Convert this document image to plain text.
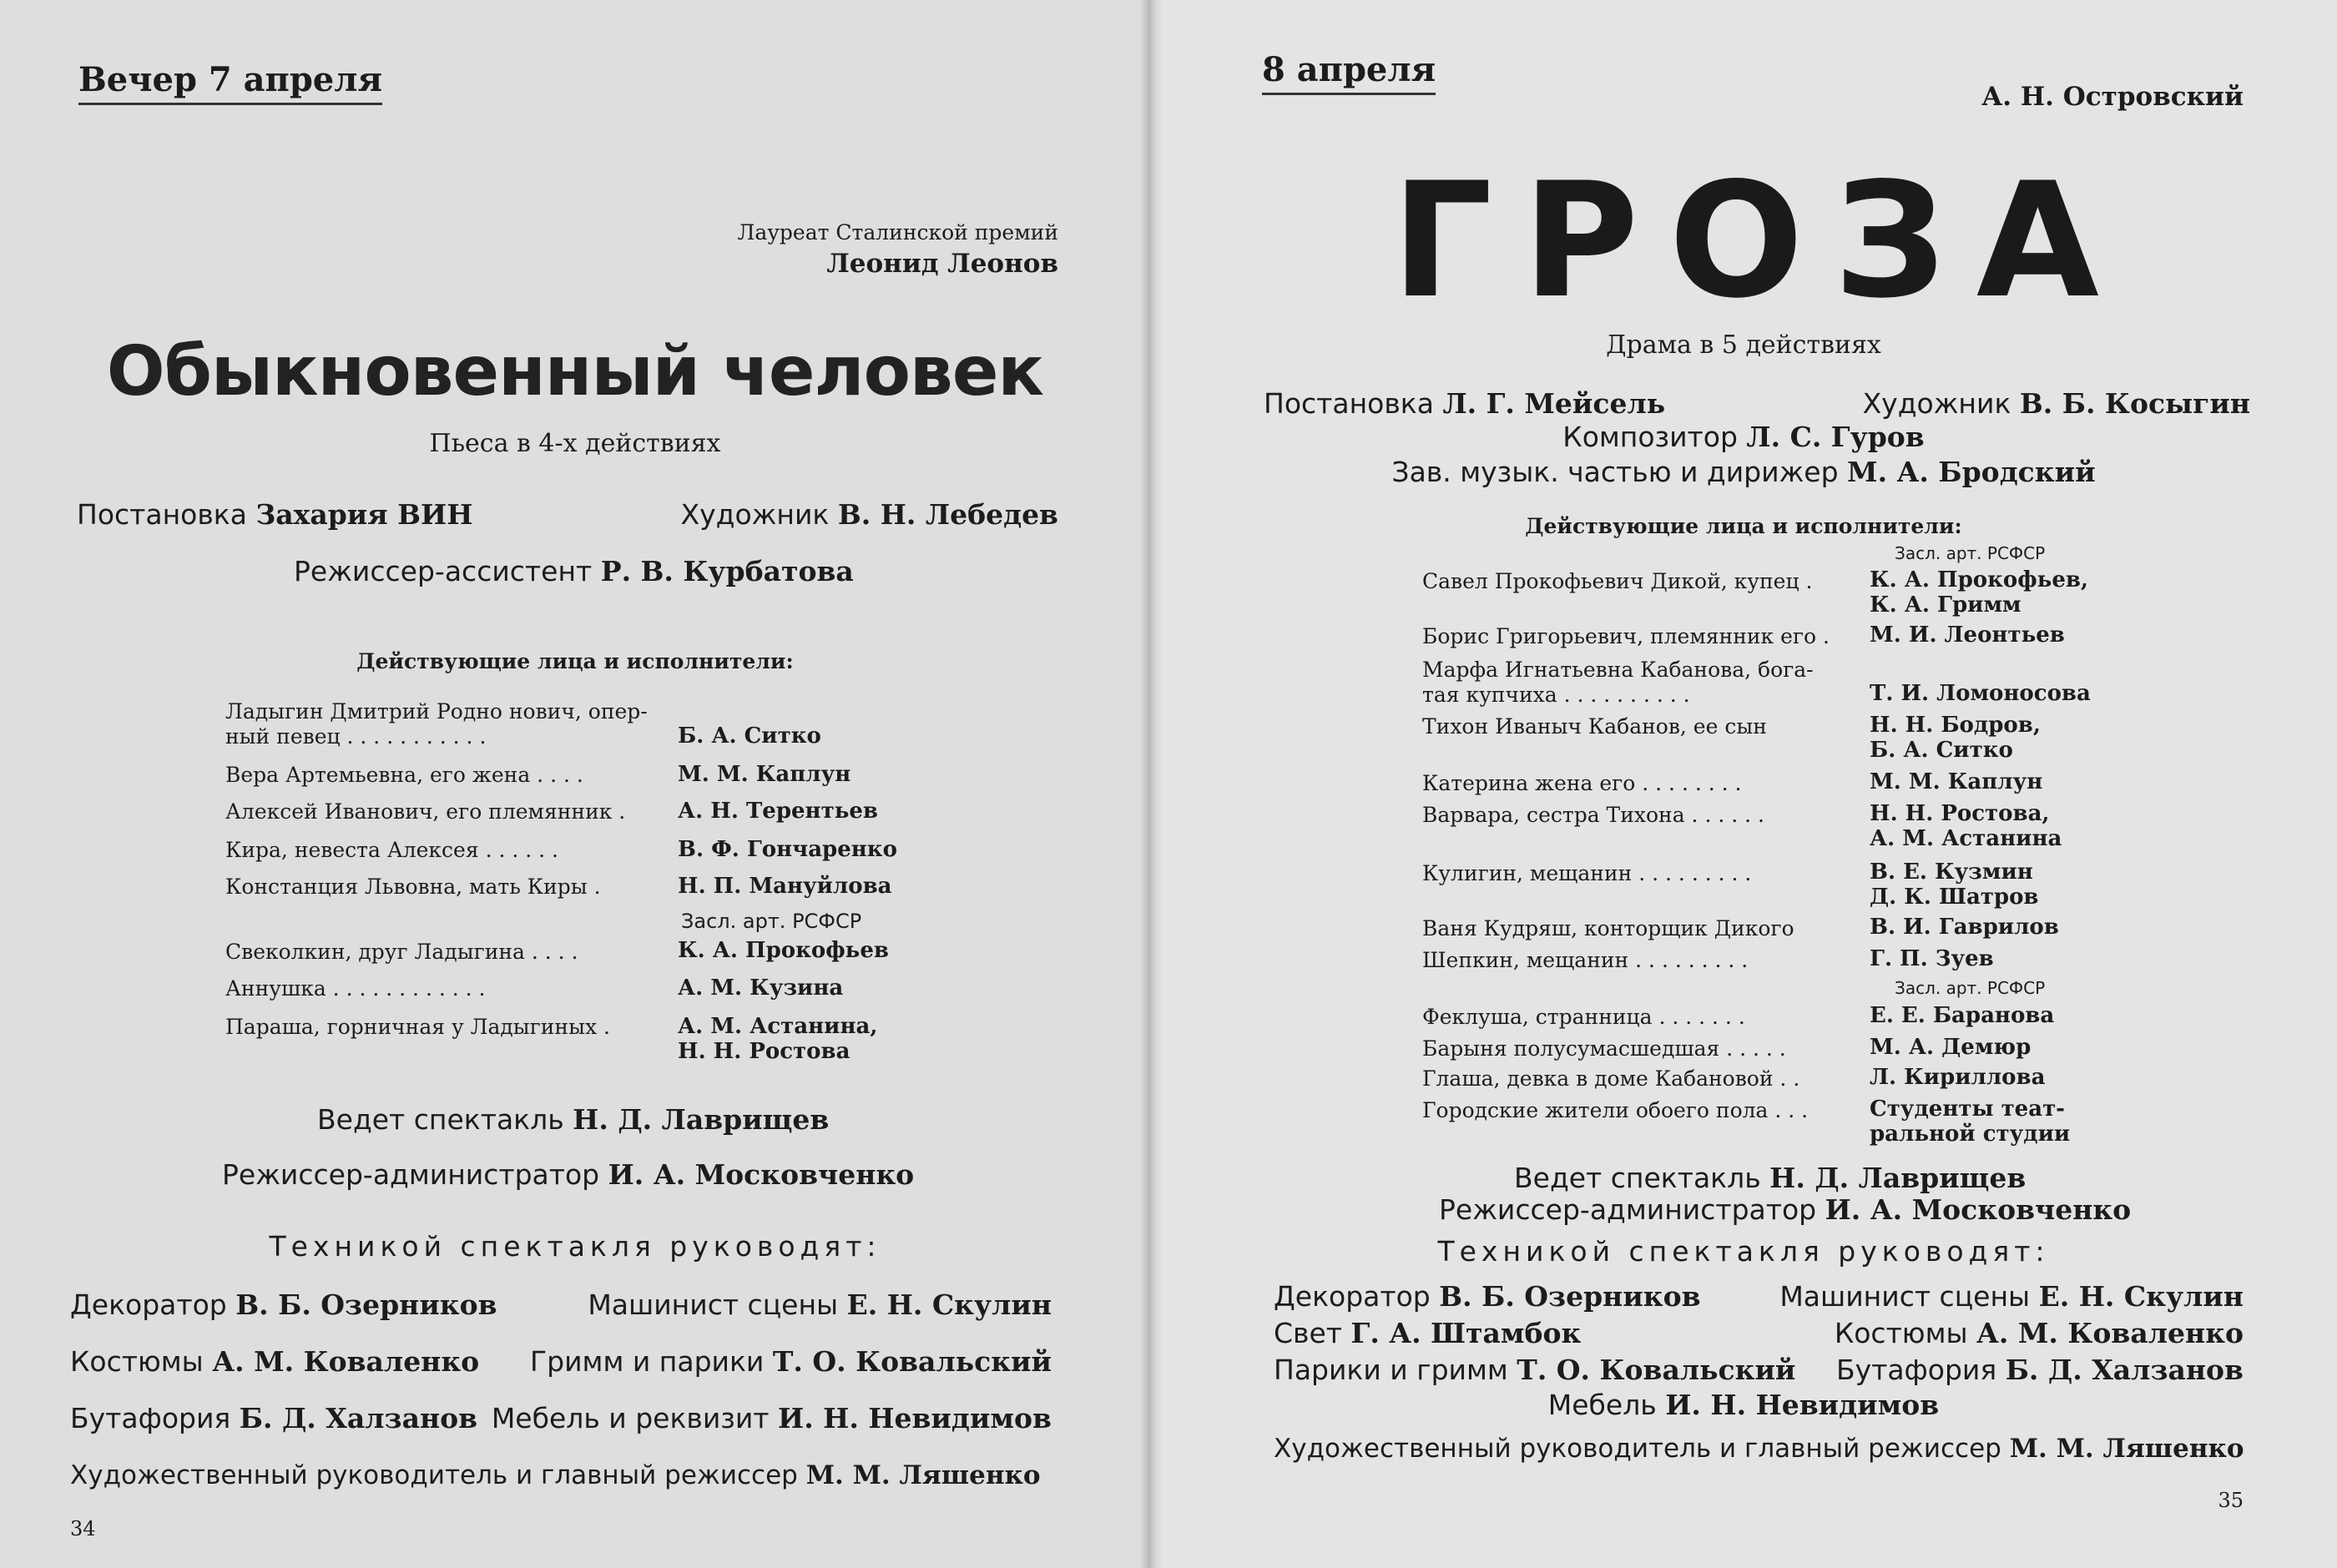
Вечер 7 апреля
Лауреат Сталинской премий
Леонид Леонов
Обыкновенный человек
Пьеса в 4-х действиях
Постановка Захария ВИН	Художник В. Н. Лебедев
Режиссер-ассистент Р. В. Курбатова
Действующие лица и исполнители:
Ладыгин Дмитрий Родно нович, опер-
ный певец . . . . . . . . . . .	Б. А. Ситко
Вера Артемьевна, его жена . . . .	М. М. Каплун
Алексей Иванович, его племянник . А. Н. Терентьев
Кира, невеста Алексея . . . . . .	В. Ф. Гончаренко
Констанция Львовна, мать Киры .	Н. П. Мануйлова
Засл. арт. РСФСР
Свеколкин, друг Ладыгина . . . .	К. А. Прокофьев
Аннушка . . . . . . . . . . . .	А. М. Кузина
Параша, горничная у Ладыгиных .	А. М. Астанина,
Н. Н. Ростова
Ведет спектакль Н. Д. Лаврищев
Режиссер-администратор И. А. Московченко
Техникой спектакля руководят:
Декоратор В. Б. Озерников	Машинист сцены Е. Н. Скулин
Костюмы А. М. Коваленко Гримм и парики Т. О. Ковальский
Бутафория Б. Д. Халзанов Мебель и реквизит И. Н. Невидимов
Художественный руководитель и главный режиссер М. М. Ляшенко
34
8 апреля
А. Н. Островский
ГРОЗА
Драма в 5 действиях
Постановка Л. Г. Мейсель	Художник В. Б. Косыгин
Композитор Л. С. Гуров
Зав. музык. частью и дирижер М. А. Бродский
Действующие лица и исполнители:
Засл. арт. РСФСР
Савел Прокофьевич Дикой, купец .	К. А. Прокофьев,
К. А. Гримм
Борис Григорьевич, племянник его . М. И. Леонтьев
Марфа Игнатьевна Кабанова, бога-
тая купчиха . . . . . . . . . .	Т. И. Ломоносова
Тихон Иваныч Кабанов, ее сын	Н. Н. Бодров,
Б. А. Ситко
Катерина жена его . . . . . . . .	М. М. Каплун
Варвара, сестра Тихона . . . . . .	Н. Н. Ростова,
А. М. Астанина
Кулигин, мещанин . . . . . . . . .	В. Е. Кузмин
Д. К. Шатров
Ваня Кудряш, конторщик Дикого	В. И. Гаврилов
Шепкин, мещанин . . . . . . . . .	Г. П. Зуев
Засл. арт. РСФСР
Феклуша, странница . . . . . . .	Е. Е. Баранова
Барыня полусумасшедшая . . . . .	М. А. Демюр
Глаша, девка в доме Кабановой . .	Л. Кириллова
Городские жители обоего пола . . .	Студенты теат-
ральной студии
Ведет спектакль Н. Д. Лаврищев
Режиссер-администратор И. А. Московченко
Техникой спектакля руководят:
Декоратор В. Б. Озерников	Машинист сцены Е. Н. Скулин
Свет Г. А. Штамбок	Костюмы А. М. Коваленко
Парики и гримм Т. О. Ковальский Бутафория Б. Д. Халзанов
Мебель И. Н. Невидимов
Художественный руководитель и главный режиссер М. М. Ляшенко
35
